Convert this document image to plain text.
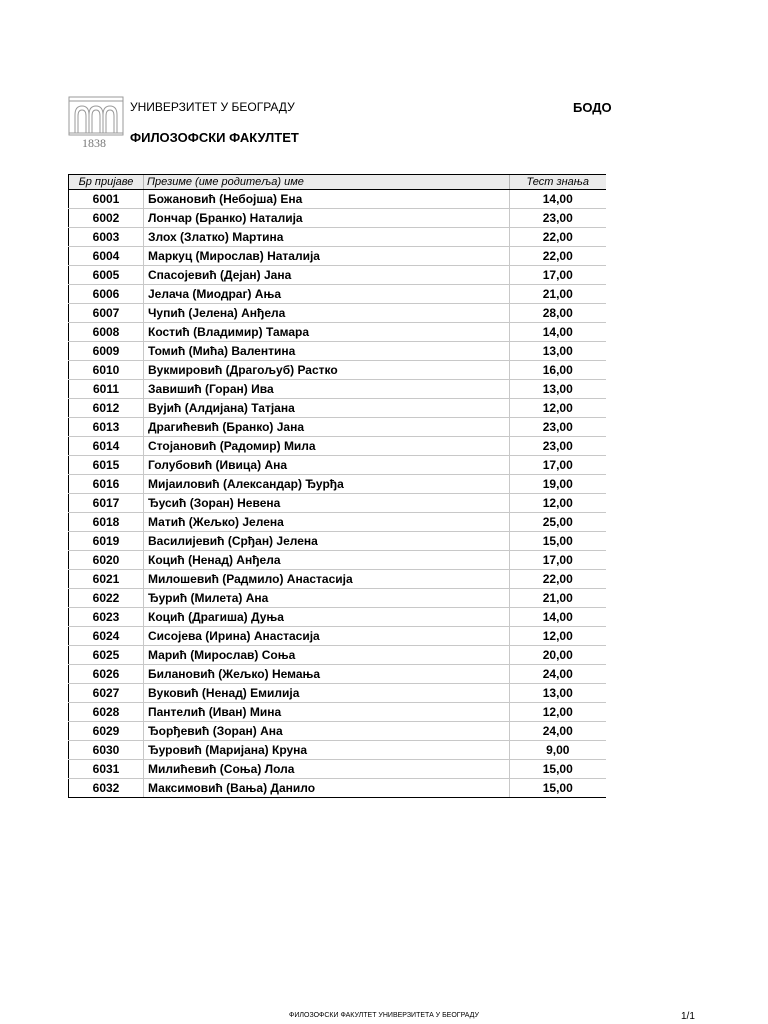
1838
УНИВЕРЗИТЕТ У БЕОГРАДУ
ФИЛОЗОФСКИ ФАКУЛТЕТ
БОДО
Бр пријаве	Презиме (име родитеља) име	Тест знања
6001	Божановић (Небојша) Ена	14,00
6002	Лончар (Бранко) Наталија	23,00
6003	Злох (Златко) Мартина	22,00
6004	Маркуц (Мирослав) Наталија	22,00
6005	Спасојевић (Дејан) Јана	17,00
6006	Јелача (Миодраг) Ања	21,00
6007	Чупић (Јелена) Анђела	28,00
6008	Костић (Владимир) Тамара	14,00
6009	Томић (Мића) Валентина	13,00
6010	Вукмировић (Драгољуб) Растко	16,00
6011	Завишић (Горан) Ива	13,00
6012	Вујић (Алдијана) Татјана	12,00
6013	Драгићевић (Бранко) Јана	23,00
6014	Стојановић (Радомир) Мила	23,00
6015	Голубовић (Ивица) Ана	17,00
6016	Мијаиловић (Александар) Ђурђа	19,00
6017	Ђусић (Зоран) Невена	12,00
6018	Матић (Жељко) Јелена	25,00
6019	Василијевић (Срђан) Јелена	15,00
6020	Коцић (Ненад) Анђела	17,00
6021	Милошевић (Радмило) Анастасија	22,00
6022	Ђурић (Милета) Ана	21,00
6023	Коцић (Драгиша) Дуња	14,00
6024	Сисојева (Ирина) Анастасија	12,00
6025	Марић (Мирослав) Соња	20,00
6026	Билановић (Жељко) Немања	24,00
6027	Вуковић (Ненад) Емилија	13,00
6028	Пантелић (Иван) Мина	12,00
6029	Ђорђевић (Зоран) Ана	24,00
6030	Ђуровић (Маријана) Круна	9,00
6031	Милићевић (Соња) Лола	15,00
6032	Максимовић (Вања) Данило	15,00
ФИЛОЗОФСКИ ФАКУЛТЕТ УНИВЕРЗИТЕТА У БЕОГРАДУ	1/1
